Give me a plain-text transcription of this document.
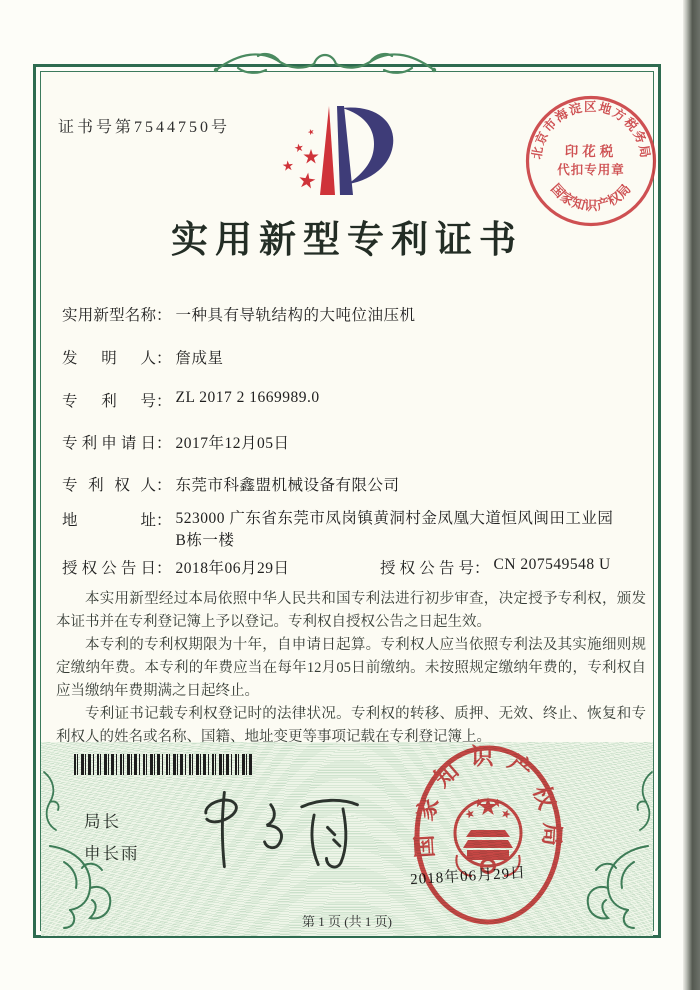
证书号第7544750号
北京市海淀区地方税务局
国家知识产权局
印花税
代扣专用章
实用新型专利证书
实用新型名称： 一种具有导轨结构的大吨位油压机
发明人： 詹成星
专利号： ZL 2017 2 1669989.0
专利申请日： 2017年12月05日
专利权人： 东莞市科鑫盟机械设备有限公司
地址： 523000 广东省东莞市凤岗镇黄洞村金凤凰大道恒风闽田工业园B栋一楼
授权公告日： 2018年06月29日	授权公告号： CN 207549548 U

本实用新型经过本局依照中华人民共和国专利法进行初步审查，决定授予专利权，颁发本证书并在专利登记簿上予以登记。专利权自授权公告之日起生效。

本专利的专利权期限为十年，自申请日起算。专利权人应当依照专利法及其实施细则规定缴纳年费。本专利的年费应当在每年12月05日前缴纳。未按照规定缴纳年费的，专利权自应当缴纳年费期满之日起终止。

专利证书记载专利权登记时的法律状况。专利权的转移、质押、无效、终止、恢复和专利权人的姓名或名称、国籍、地址变更等事项记载在专利登记簿上。

局长
申长雨	国家知识产权局
2018年06月29日
第 1 页 (共 1 页)
